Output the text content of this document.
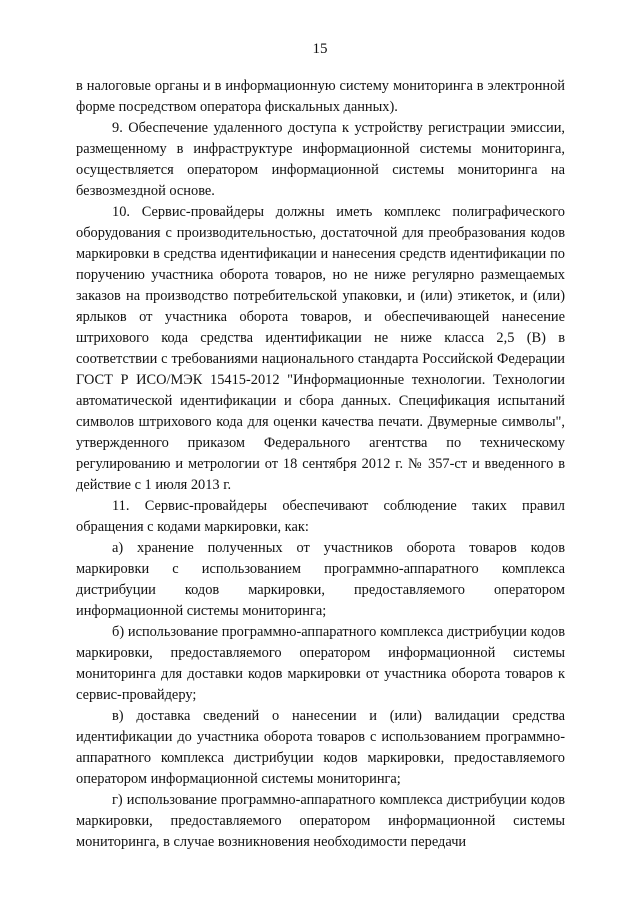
15

в налоговые органы и в информационную систему мониторинга в электронной форме посредством оператора фискальных данных).

9. Обеспечение удаленного доступа к устройству регистрации эмиссии, размещенному в инфраструктуре информационной системы мониторинга, осуществляется оператором информационной системы мониторинга на безвозмездной основе.

10. Сервис-провайдеры должны иметь комплекс полиграфического оборудования с производительностью, достаточной для преобразования кодов маркировки в средства идентификации и нанесения средств идентификации по поручению участника оборота товаров, но не ниже регулярно размещаемых заказов на производство потребительской упаковки, и (или) этикеток, и (или) ярлыков от участника оборота товаров, и обеспечивающей нанесение штрихового кода средства идентификации не ниже класса 2,5 (B) в соответствии с требованиями национального стандарта Российской Федерации ГОСТ Р ИСО/МЭК 15415-2012 "Информационные технологии. Технологии автоматической идентификации и сбора данных. Спецификация испытаний символов штрихового кода для оценки качества печати. Двумерные символы", утвержденного приказом Федерального агентства по техническому регулированию и метрологии от 18 сентября 2012 г. № 357-ст и введенного в действие с 1 июля 2013 г.

11. Сервис-провайдеры обеспечивают соблюдение таких правил обращения с кодами маркировки, как:

а) хранение полученных от участников оборота товаров кодов маркировки с использованием программно-аппаратного комплекса дистрибуции кодов маркировки, предоставляемого оператором информационной системы мониторинга;

б) использование программно-аппаратного комплекса дистрибуции кодов маркировки, предоставляемого оператором информационной системы мониторинга для доставки кодов маркировки от участника оборота товаров к сервис-провайдеру;

в) доставка сведений о нанесении и (или) валидации средства идентификации до участника оборота товаров с использованием программно-аппаратного комплекса дистрибуции кодов маркировки, предоставляемого оператором информационной системы мониторинга;

г) использование программно-аппаратного комплекса дистрибуции кодов маркировки, предоставляемого оператором информационной системы мониторинга, в случае возникновения необходимости передачи
